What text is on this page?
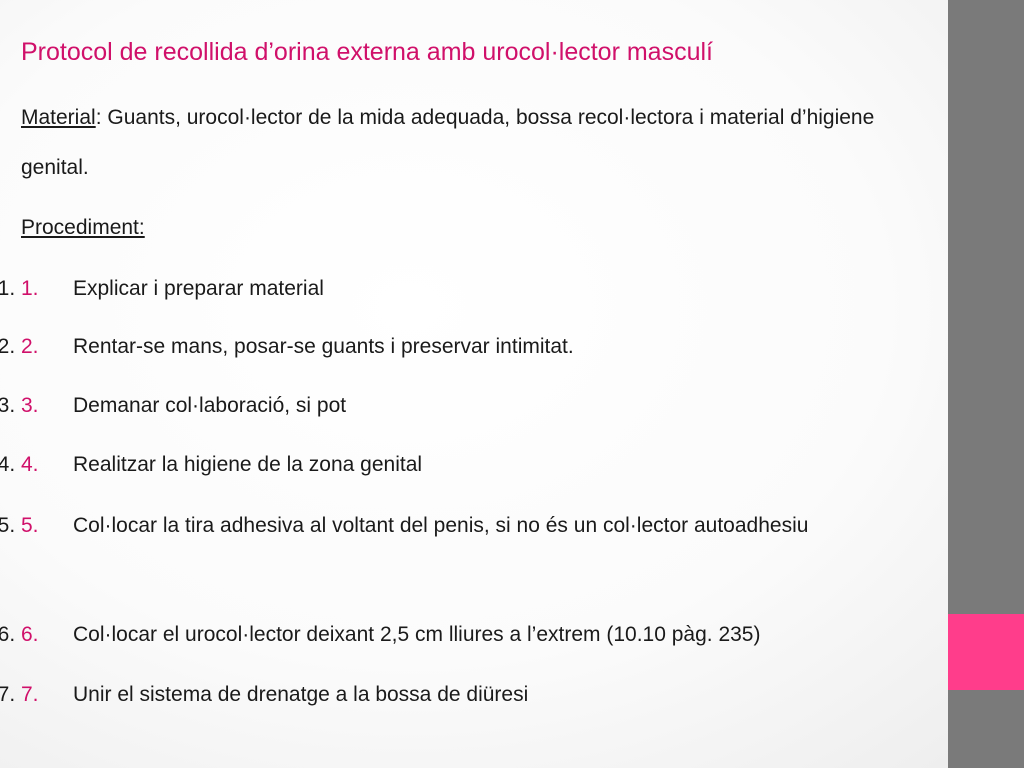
Protocol de recollida d’orina externa amb urocol·lector masculí
Material: Guants, urocol·lector de la mida adequada, bossa recol·lectora i material d’higiene genital.
Procediment:
1. 1.	Explicar i preparar material
2. 2.	Rentar-se mans, posar-se guants i preservar intimitat.
3. 3.	Demanar col·laboració, si pot
4. 4.	Realitzar la higiene de la zona genital
5. 5.	Col·locar la tira adhesiva al voltant del penis, si no és un col·lector autoadhesiu
6. 6.	Col·locar el urocol·lector deixant 2,5 cm lliures a l’extrem (10.10 pàg. 235)
7. 7.	Unir el sistema de drenatge a la bossa de diüresi
